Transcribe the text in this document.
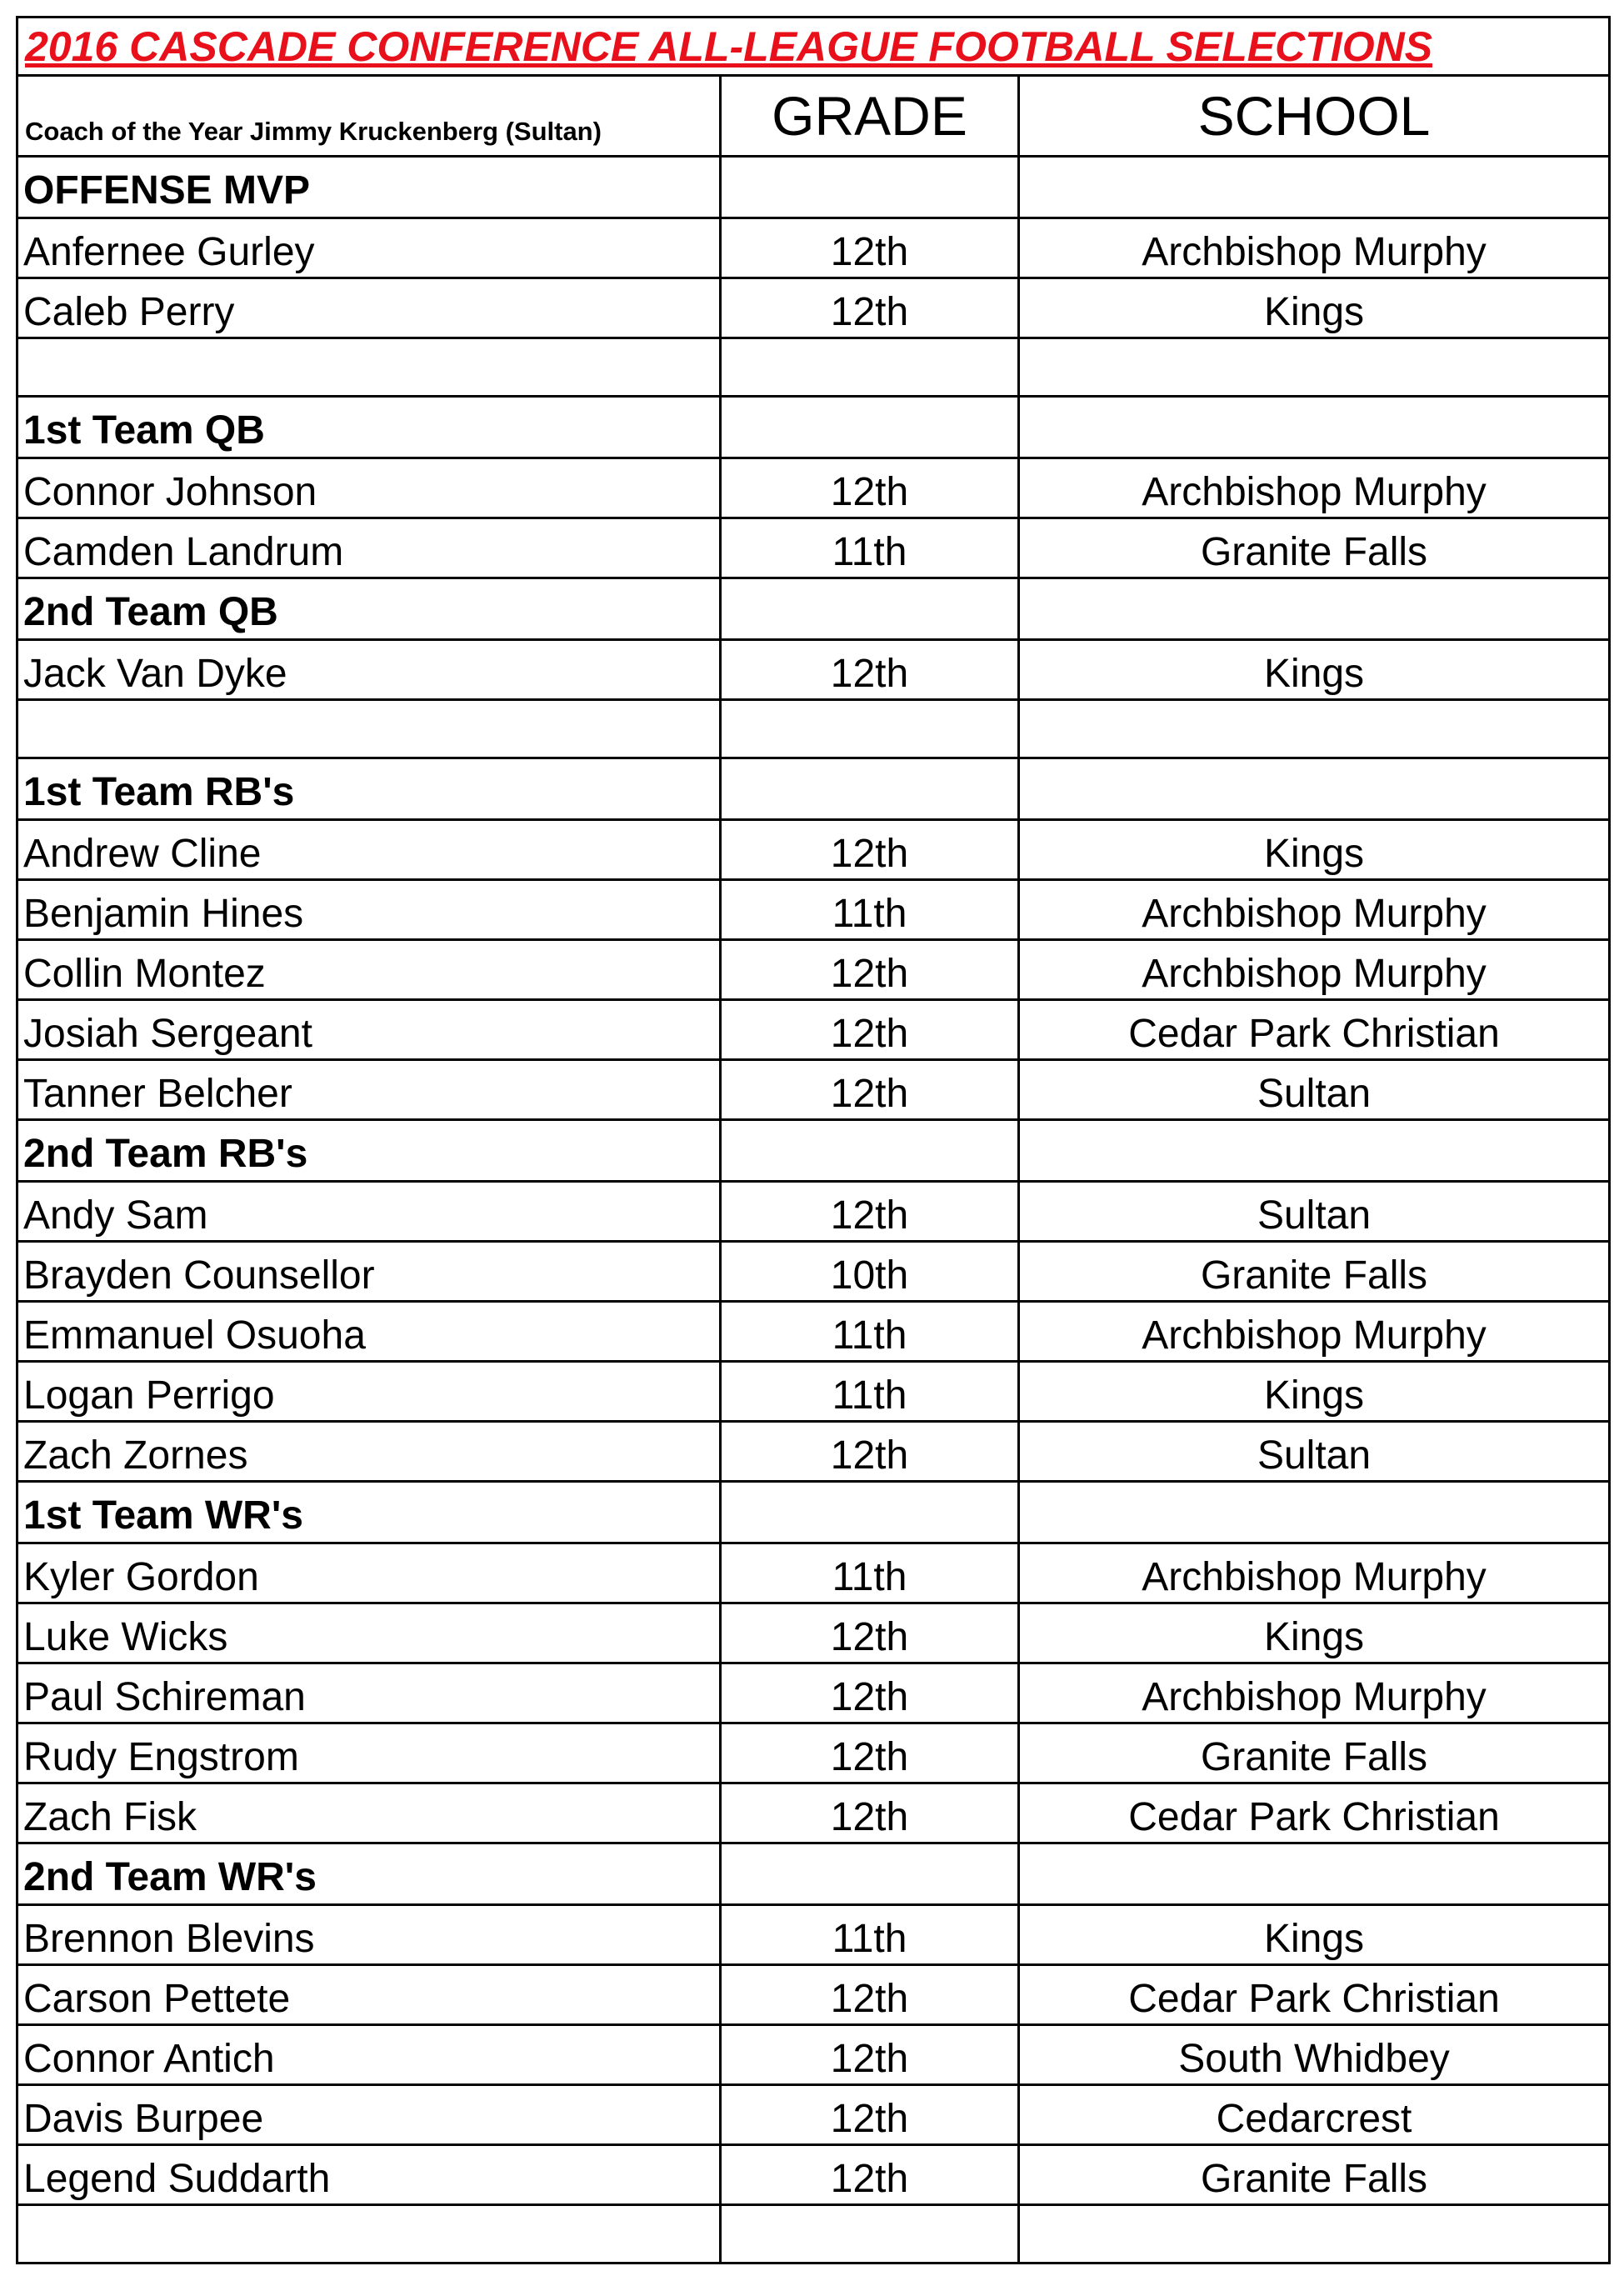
2016 CASCADE CONFERENCE ALL-LEAGUE FOOTBALL SELECTIONS		
Coach of the Year Jimmy Kruckenberg (Sultan)	GRADE	SCHOOL
OFFENSE MVP		
Anfernee Gurley	12th	Archbishop Murphy
Caleb Perry	12th	Kings

1st Team QB		
Connor Johnson	12th	Archbishop Murphy
Camden Landrum	11th	Granite Falls
2nd Team QB		
Jack Van Dyke	12th	Kings

1st Team RB's		
Andrew Cline	12th	Kings
Benjamin Hines	11th	Archbishop Murphy
Collin Montez	12th	Archbishop Murphy
Josiah Sergeant	12th	Cedar Park Christian
Tanner Belcher	12th	Sultan
2nd Team RB's		
Andy Sam	12th	Sultan
Brayden Counsellor	10th	Granite Falls
Emmanuel Osuoha	11th	Archbishop Murphy
Logan Perrigo	11th	Kings
Zach Zornes	12th	Sultan
1st Team WR's		
Kyler Gordon	11th	Archbishop Murphy
Luke Wicks	12th	Kings
Paul Schireman	12th	Archbishop Murphy
Rudy Engstrom	12th	Granite Falls
Zach Fisk	12th	Cedar Park Christian
2nd Team WR's		
Brennon Blevins	11th	Kings
Carson Pettete	12th	Cedar Park Christian
Connor Antich	12th	South Whidbey
Davis Burpee	12th	Cedarcrest
Legend Suddarth	12th	Granite Falls
